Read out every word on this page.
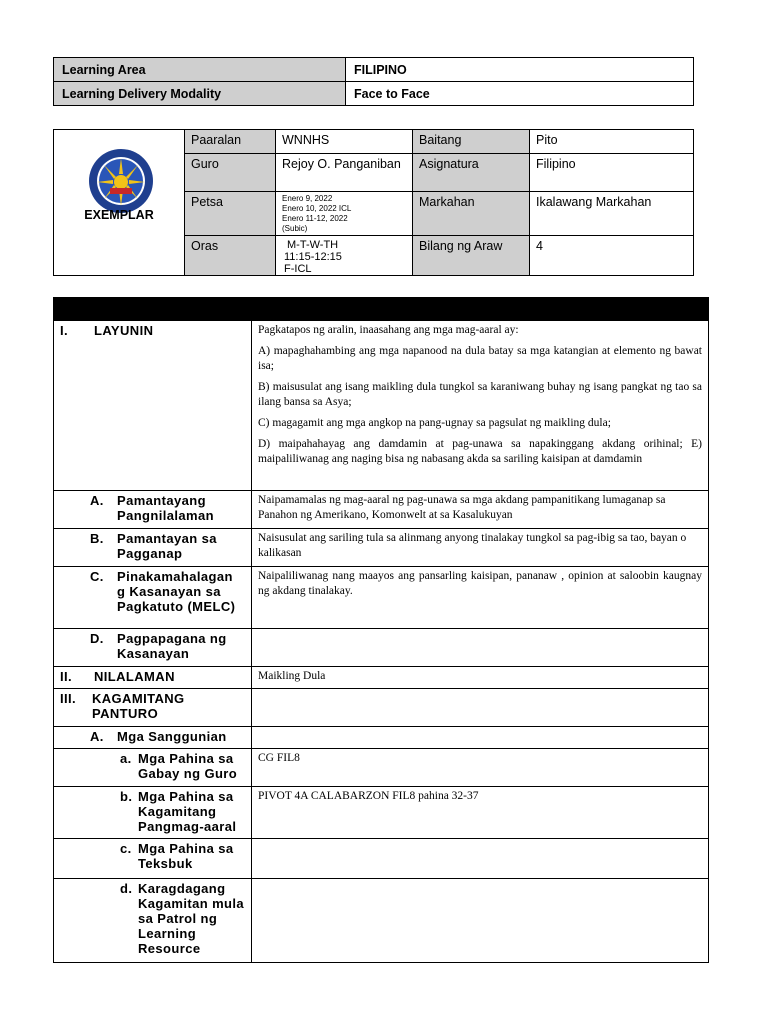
Learning Area	FILIPINO
Learning Delivery Modality	Face to Face
EXEMPLAR	Paaralan	WNNHS	Baitang	Pito
	Guro	Rejoy O. Panganiban	Asignatura	Filipino
	Petsa	Enero 9, 2022
Enero 10, 2022 ICL
Enero 11-12, 2022
(Subic)	Markahan	Ikalawang Markahan
	Oras	M-T-W-TH
11:15-12:15
F-ICL	Bilang ng Araw	4

I. LAYUNIN	Pagkatapos ng aralin, inaasahang ang mga mag-aaral ay:

A) mapaghahambing ang mga napanood na dula batay sa mga katangian at elemento ng bawat isa;

B) maisusulat ang isang maikling dula tungkol sa karaniwang buhay ng isang pangkat ng tao sa ilang bansa sa Asya;

C) magagamit ang mga angkop na pang-ugnay sa pagsulat ng maikling dula;

D) maipahahayag ang damdamin at pag-unawa sa napakinggang akdang orihinal; E) maipaliliwanag ang naging bisa ng nabasang akda sa sariling kaisipan at damdamin

A. Pamantayang Pangnilalaman	Naipamamalas ng mag-aaral ng pag-unawa sa mga akdang pampanitikang lumaganap sa Panahon ng Amerikano, Komonwelt at sa Kasalukuyan

B. Pamantayan sa Pagganap	Naisusulat ang sariling tula sa alinmang anyong tinalakay tungkol sa pag-ibig sa tao, bayan o kalikasan

C. Pinakamahalagan g Kasanayan sa Pagkatuto (MELC)	Naipaliliwanag nang maayos ang pansarling kaisipan, pananaw , opinion at saloobin kaugnay ng akdang tinalakay.

D. Pagpapagana ng Kasanayan	

II. NILALAMAN	Maikling Dula

III. KAGAMITANG PANTURO	

A. Mga Sanggunian	

a. Mga Pahina sa Gabay ng Guro	CG FIL8

b. Mga Pahina sa Kagamitang Pangmag-aaral	PIVOT 4A CALABARZON FIL8 pahina 32-37

c. Mga Pahina sa Teksbuk	

d. Karagdagang Kagamitan mula sa Patrol ng Learning Resource	
